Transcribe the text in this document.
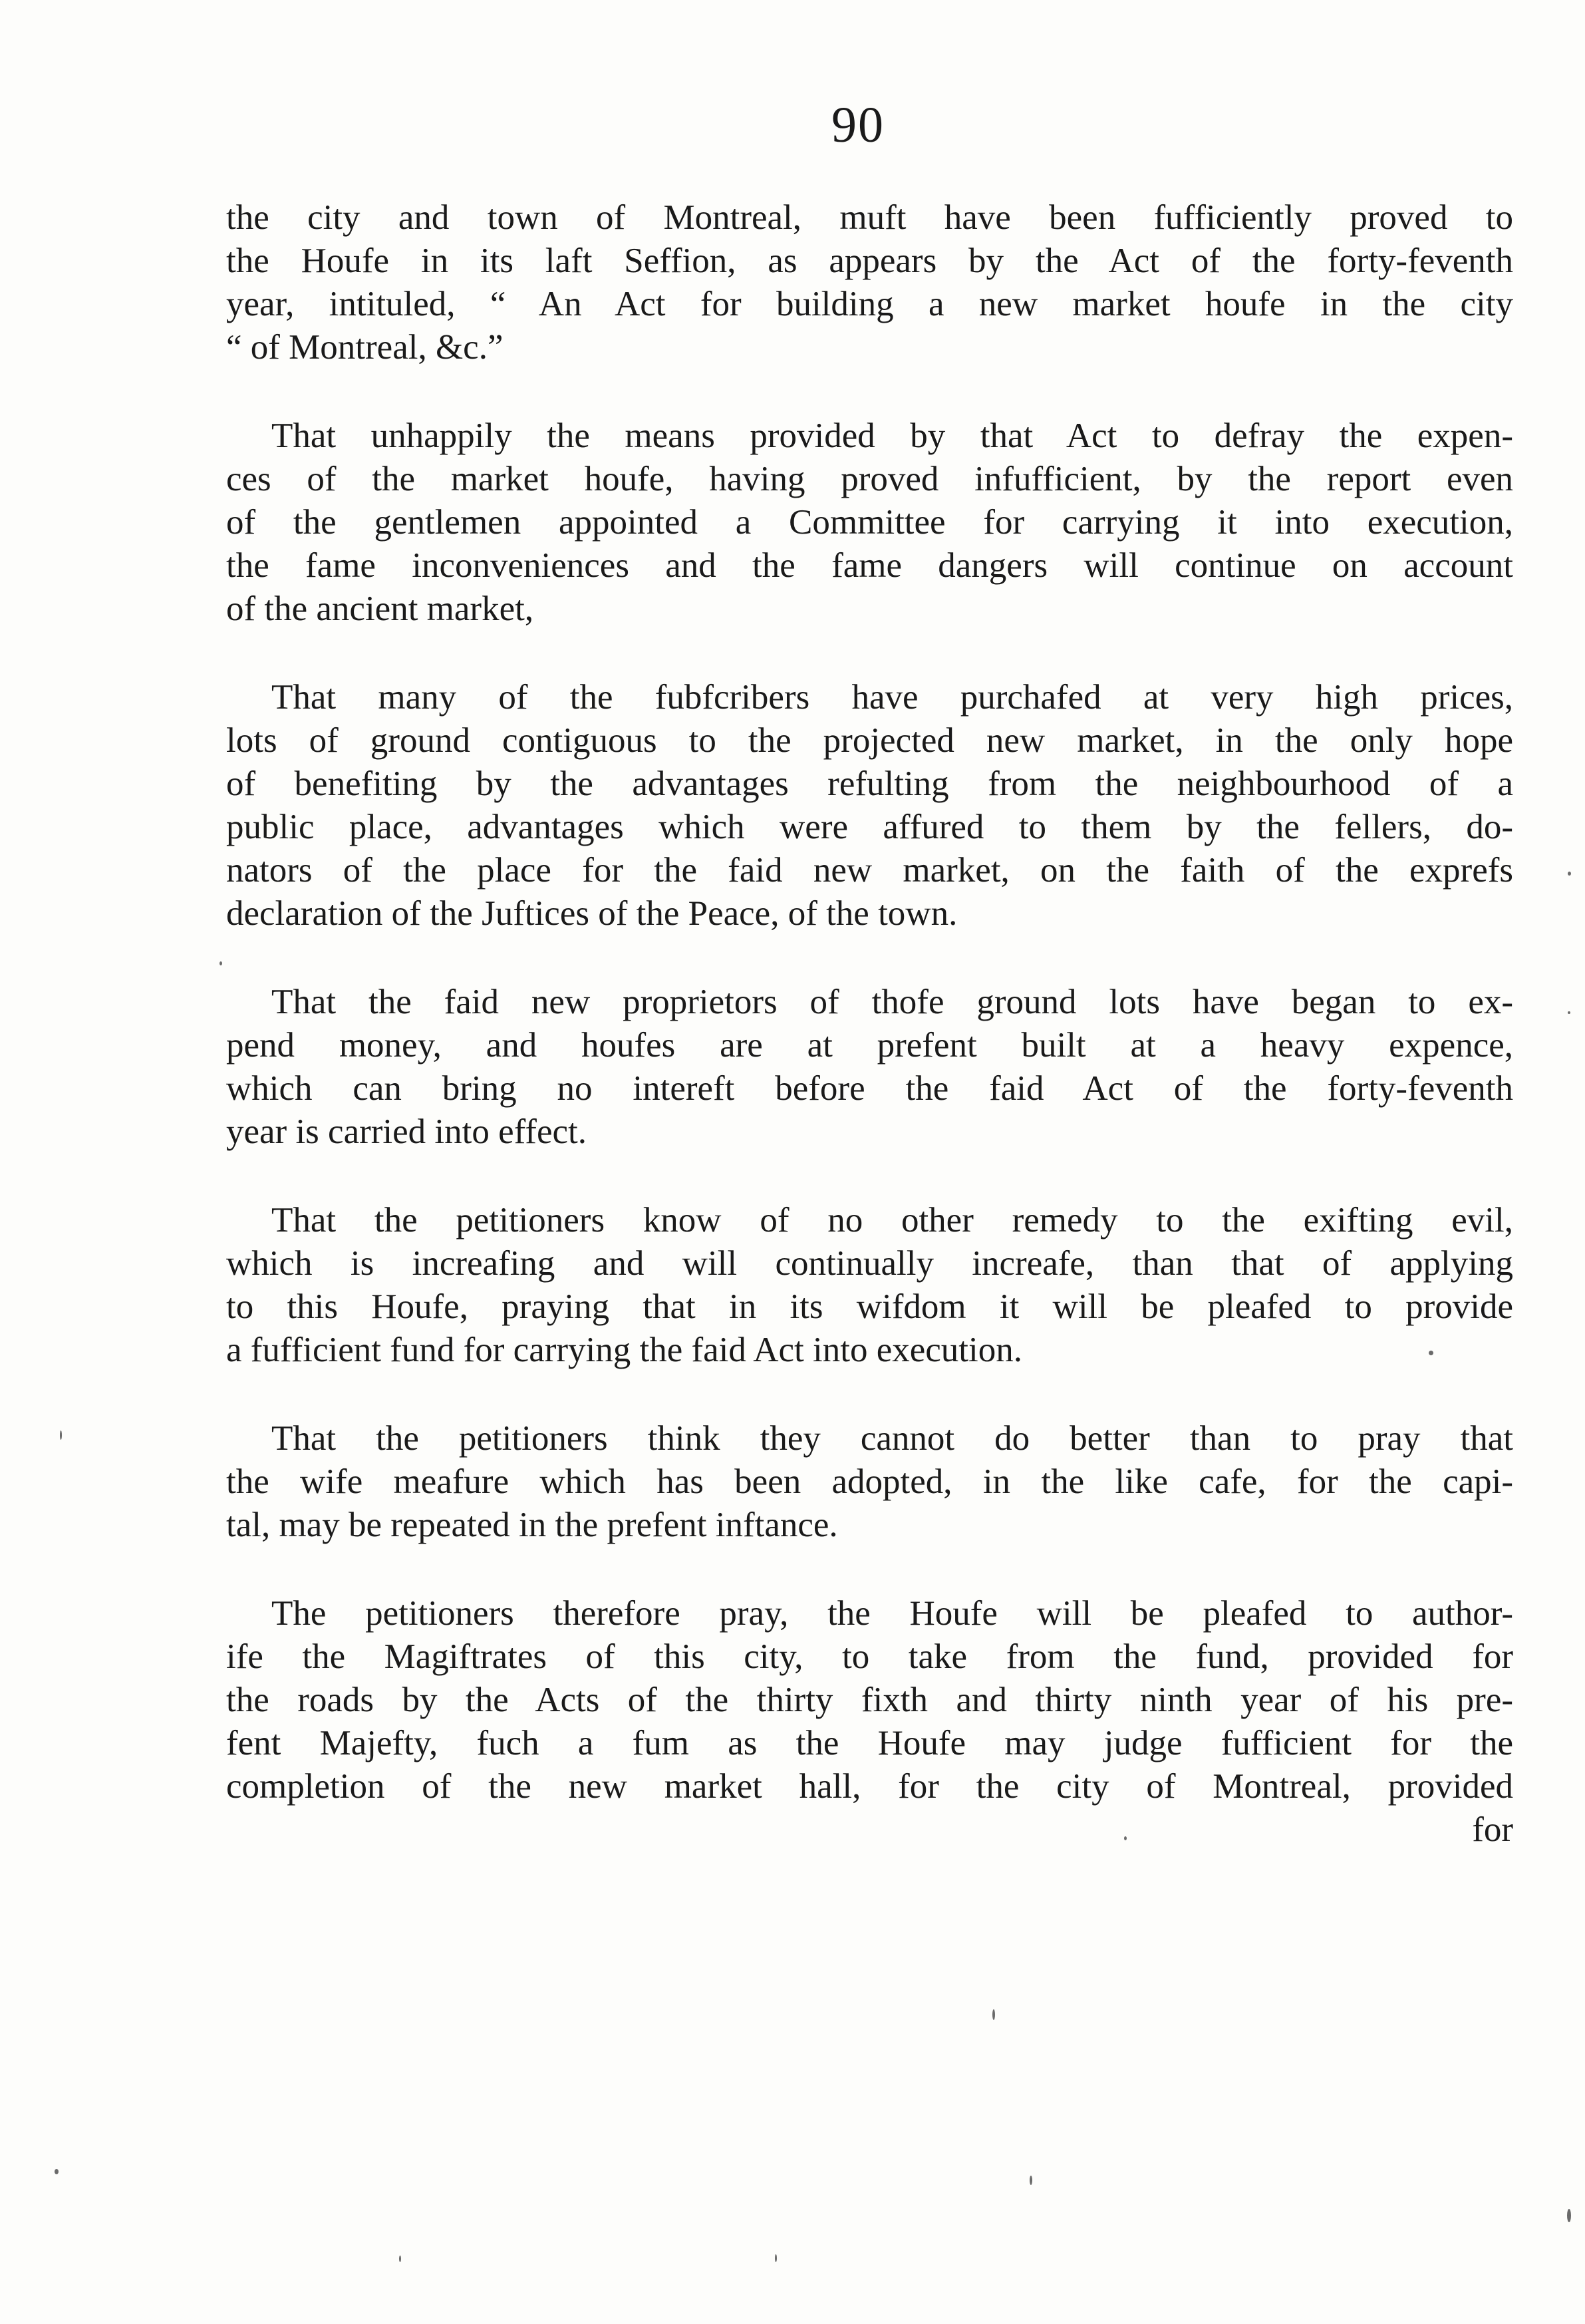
90
the city and town of Montreal, muft have been fufficiently proved to
the Houfe in its laft Seffion, as appears by the Act of the forty-feventh
year, intituled, “ An Act for building a new market houfe in the city
“ of Montreal, &c.”
That unhappily the means provided by that Act to defray the expen-
ces of the market houfe, having proved infufficient, by the report even
of the gentlemen appointed a Committee for carrying it into execution,
the fame inconveniences and the fame dangers will continue on account
of the ancient market,
That many of the fubfcribers have purchafed at very high prices,
lots of ground contiguous to the projected new market, in the only hope
of benefiting by the advantages refulting from the neighbourhood of a
public place, advantages which were affured to them by the fellers, do-
nators of the place for the faid new market, on the faith of the exprefs
declaration of the Juftices of the Peace, of the town.
That the faid new proprietors of thofe ground lots have began to ex-
pend money, and houfes are at prefent built at a heavy expence,
which can bring no intereft before the faid Act of the forty-feventh
year is carried into effect.
That the petitioners know of no other remedy to the exifting evil,
which is increafing and will continually increafe, than that of applying
to this Houfe, praying that in its wifdom it will be pleafed to provide
a fufficient fund for carrying the faid Act into execution.
That the petitioners think they cannot do better than to pray that
the wife meafure which has been adopted, in the like cafe, for the capi-
tal, may be repeated in the prefent inftance.
The petitioners therefore pray, the Houfe will be pleafed to author-
ife the Magiftrates of this city, to take from the fund, provided for
the roads by the Acts of the thirty fixth and thirty ninth year of his pre-
fent Majefty, fuch a fum as the Houfe may judge fufficient for the
completion of the new market hall, for the city of Montreal, provided
for
